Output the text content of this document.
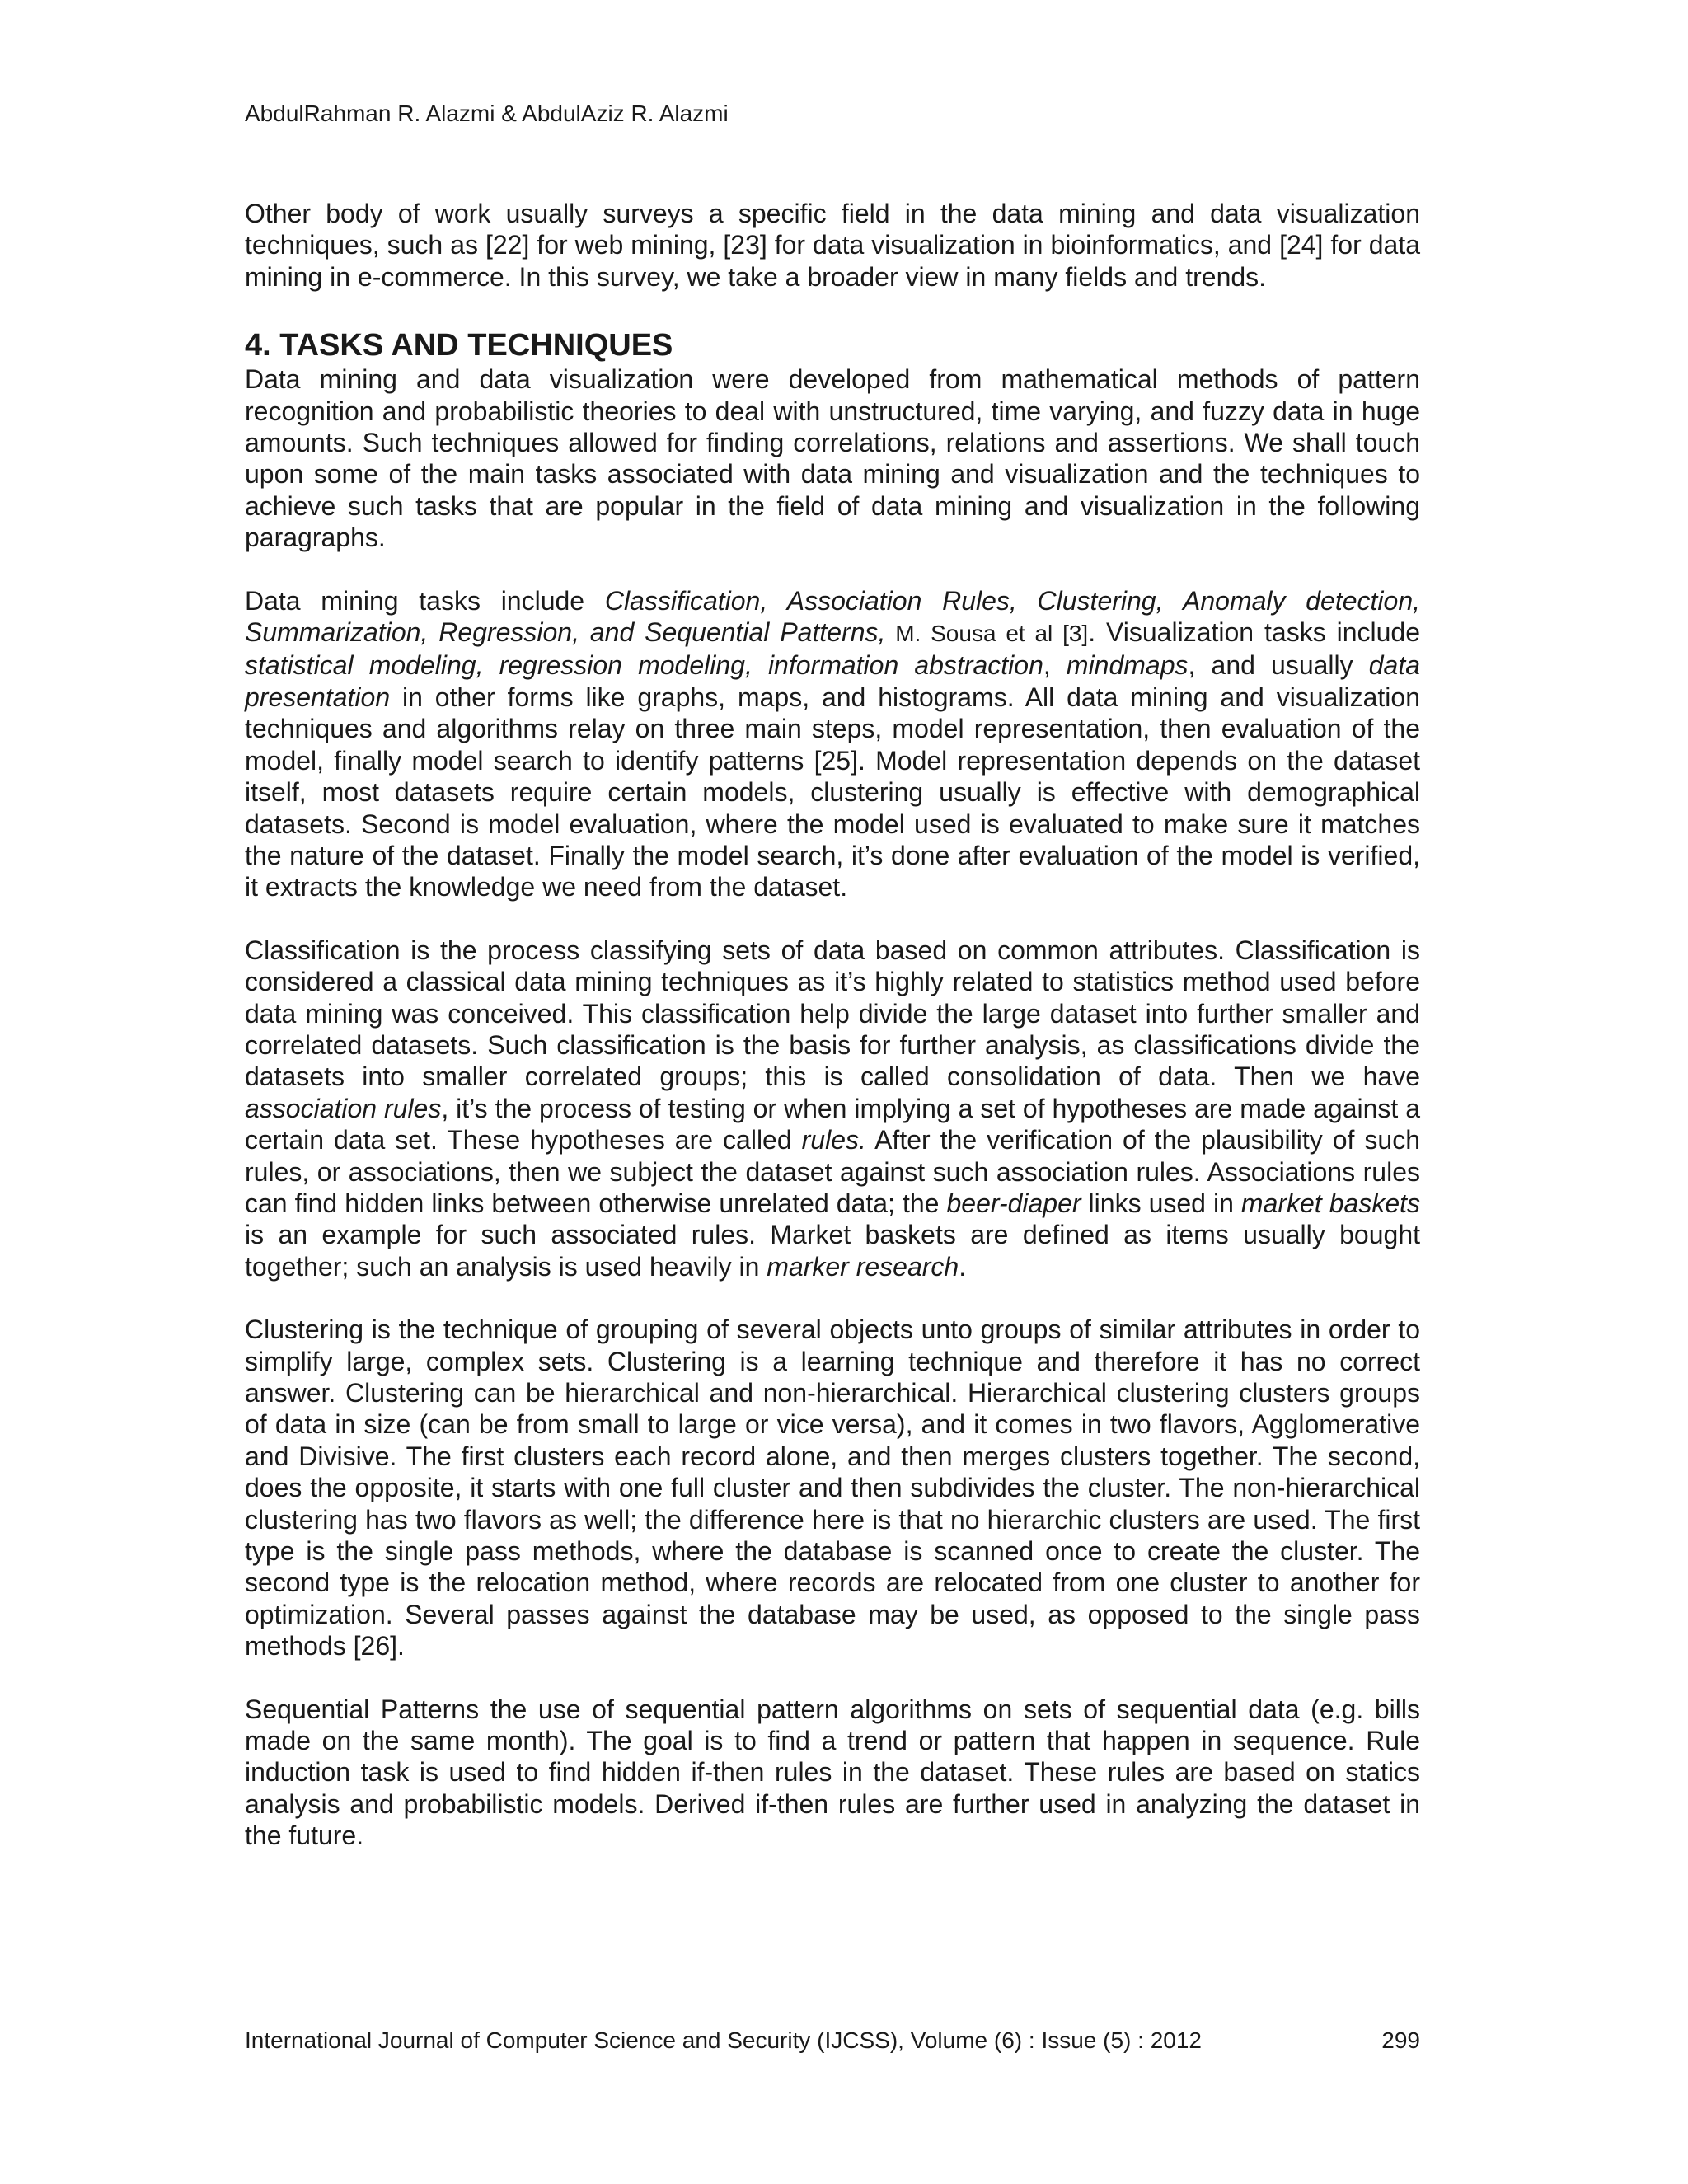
AbdulRahman R. Alazmi & AbdulAziz R. Alazmi

Other body of work usually surveys a specific field in the data mining and data visualization techniques, such as [22] for web mining, [23] for data visualization in bioinformatics, and [24] for data mining in e-commerce. In this survey, we take a broader view in many fields and trends.

4. TASKS AND TECHNIQUES

Data mining and data visualization were developed from mathematical methods of pattern recognition and probabilistic theories to deal with unstructured, time varying, and fuzzy data in huge amounts. Such techniques allowed for finding correlations, relations and assertions. We shall touch upon some of the main tasks associated with data mining and visualization and the techniques to achieve such tasks that are popular in the field of data mining and visualization in the following paragraphs.

Data mining tasks include Classification, Association Rules, Clustering, Anomaly detection, Summarization, Regression, and Sequential Patterns, M. Sousa et al [3]. Visualization tasks include statistical modeling, regression modeling, information abstraction, mindmaps, and usually data presentation in other forms like graphs, maps, and histograms. All data mining and visualization techniques and algorithms relay on three main steps, model representation, then evaluation of the model, finally model search to identify patterns [25]. Model representation depends on the dataset itself, most datasets require certain models, clustering usually is effective with demographical datasets. Second is model evaluation, where the model used is evaluated to make sure it matches the nature of the dataset. Finally the model search, it’s done after evaluation of the model is verified, it extracts the knowledge we need from the dataset.

Classification is the process classifying sets of data based on common attributes. Classification is considered a classical data mining techniques as it’s highly related to statistics method used before data mining was conceived. This classification help divide the large dataset into further smaller and correlated datasets. Such classification is the basis for further analysis, as classifications divide the datasets into smaller correlated groups; this is called consolidation of data. Then we have association rules, it’s the process of testing or when implying a set of hypotheses are made against a certain data set. These hypotheses are called rules. After the verification of the plausibility of such rules, or associations, then we subject the dataset against such association rules. Associations rules can find hidden links between otherwise unrelated data; the beer-diaper links used in market baskets is an example for such associated rules. Market baskets are defined as items usually bought together; such an analysis is used heavily in marker research.

Clustering is the technique of grouping of several objects unto groups of similar attributes in order to simplify large, complex sets. Clustering is a learning technique and therefore it has no correct answer. Clustering can be hierarchical and non-hierarchical. Hierarchical clustering clusters groups of data in size (can be from small to large or vice versa), and it comes in two flavors, Agglomerative and Divisive. The first clusters each record alone, and then merges clusters together. The second, does the opposite, it starts with one full cluster and then subdivides the cluster. The non-hierarchical clustering has two flavors as well; the difference here is that no hierarchic clusters are used. The first type is the single pass methods, where the database is scanned once to create the cluster. The second type is the relocation method, where records are relocated from one cluster to another for optimization. Several passes against the database may be used, as opposed to the single pass methods [26].

Sequential Patterns the use of sequential pattern algorithms on sets of sequential data (e.g. bills made on the same month). The goal is to find a trend or pattern that happen in sequence. Rule induction task is used to find hidden if-then rules in the dataset. These rules are based on statics analysis and probabilistic models. Derived if-then rules are further used in analyzing the dataset in the future.

International Journal of Computer Science and Security (IJCSS), Volume (6) : Issue (5) : 2012	299
